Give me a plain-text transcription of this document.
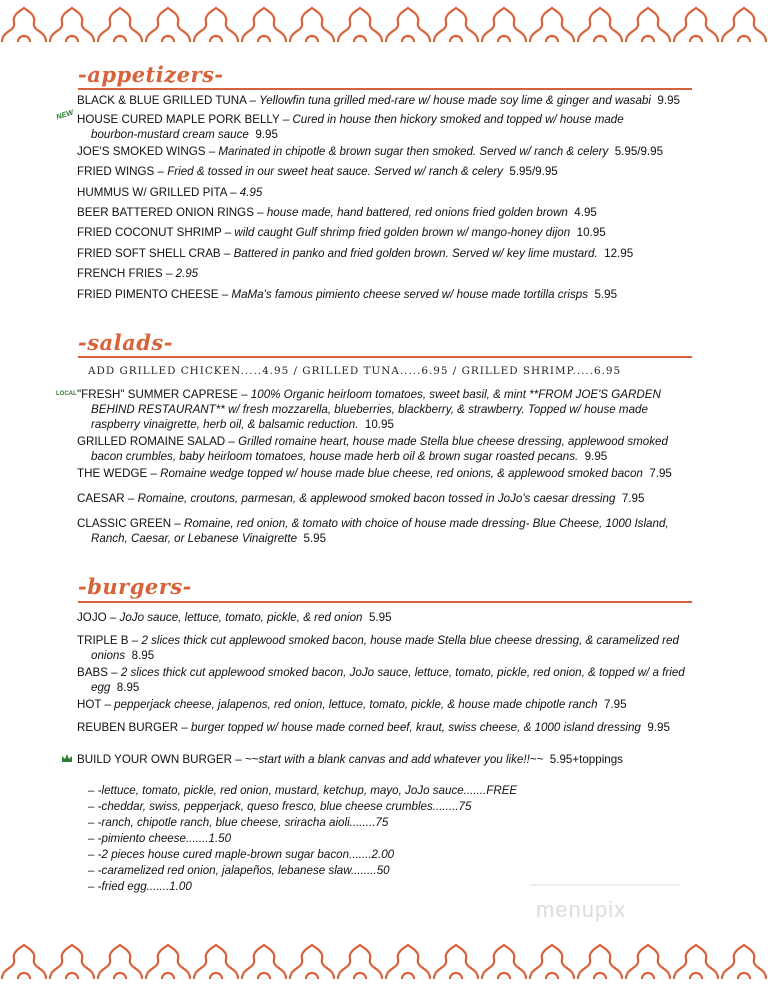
-appetizers-
NEW
BLACK & BLUE GRILLED TUNA – Yellowfin tuna grilled med-rare w/ house made soy lime & ginger and wasabi 9.95
HOUSE CURED MAPLE PORK BELLY – Cured in house then hickory smoked and topped w/ house made
bourbon-mustard cream sauce 9.95
JOE'S SMOKED WINGS – Marinated in chipotle & brown sugar then smoked. Served w/ ranch & celery 5.95/9.95
FRIED WINGS – Fried & tossed in our sweet heat sauce. Served w/ ranch & celery 5.95/9.95
HUMMUS W/ GRILLED PITA – 4.95
BEER BATTERED ONION RINGS – house made, hand battered, red onions fried golden brown 4.95
FRIED COCONUT SHRIMP – wild caught Gulf shrimp fried golden brown w/ mango-honey dijon 10.95
FRIED SOFT SHELL CRAB – Battered in panko and fried golden brown. Served w/ key lime mustard. 12.95
FRENCH FRIES – 2.95
FRIED PIMENTO CHEESE – MaMa's famous pimiento cheese served w/ house made tortilla crisps 5.95
-salads-
ADD GRILLED CHICKEN.....4.95 / GRILLED TUNA.....6.95 / GRILLED SHRIMP.....6.95
LOCAL "FRESH" SUMMER CAPRESE – 100% Organic heirloom tomatoes, sweet basil, & mint **FROM JOE'S GARDEN
BEHIND RESTAURANT** w/ fresh mozzarella, blueberries, blackberry, & strawberry. Topped w/ house made
raspberry vinaigrette, herb oil, & balsamic reduction. 10.95
GRILLED ROMAINE SALAD – Grilled romaine heart, house made Stella blue cheese dressing, applewood smoked
bacon crumbles, baby heirloom tomatoes, house made herb oil & brown sugar roasted pecans. 9.95
THE WEDGE – Romaine wedge topped w/ house made blue cheese, red onions, & applewood smoked bacon 7.95
CAESAR – Romaine, croutons, parmesan, & applewood smoked bacon tossed in JoJo's caesar dressing 7.95
CLASSIC GREEN – Romaine, red onion, & tomato with choice of house made dressing- Blue Cheese, 1000 Island,
Ranch, Caesar, or Lebanese Vinaigrette 5.95
-burgers-
JOJO – JoJo sauce, lettuce, tomato, pickle, & red onion 5.95
TRIPLE B – 2 slices thick cut applewood smoked bacon, house made Stella blue cheese dressing, & caramelized red
onions 8.95
BABS – 2 slices thick cut applewood smoked bacon, JoJo sauce, lettuce, tomato, pickle, red onion, & topped w/ a fried
egg 8.95
HOT – pepperjack cheese, jalapenos, red onion, lettuce, tomato, pickle, & house made chipotle ranch 7.95
REUBEN BURGER – burger topped w/ house made corned beef, kraut, swiss cheese, & 1000 island dressing 9.95
BUILD YOUR OWN BURGER – ~~start with a blank canvas and add whatever you like!!~~ 5.95+toppings
– -lettuce, tomato, pickle, red onion, mustard, ketchup, mayo, JoJo sauce.......FREE
– -cheddar, swiss, pepperjack, queso fresco, blue cheese crumbles........75
– -ranch, chipotle ranch, blue cheese, sriracha aioli........75
– -pimiento cheese.......1.50
– -2 pieces house cured maple-brown sugar bacon.......2.00
– -caramelized red onion, jalapeños, lebanese slaw........50
– -fried egg.......1.00
menupix
